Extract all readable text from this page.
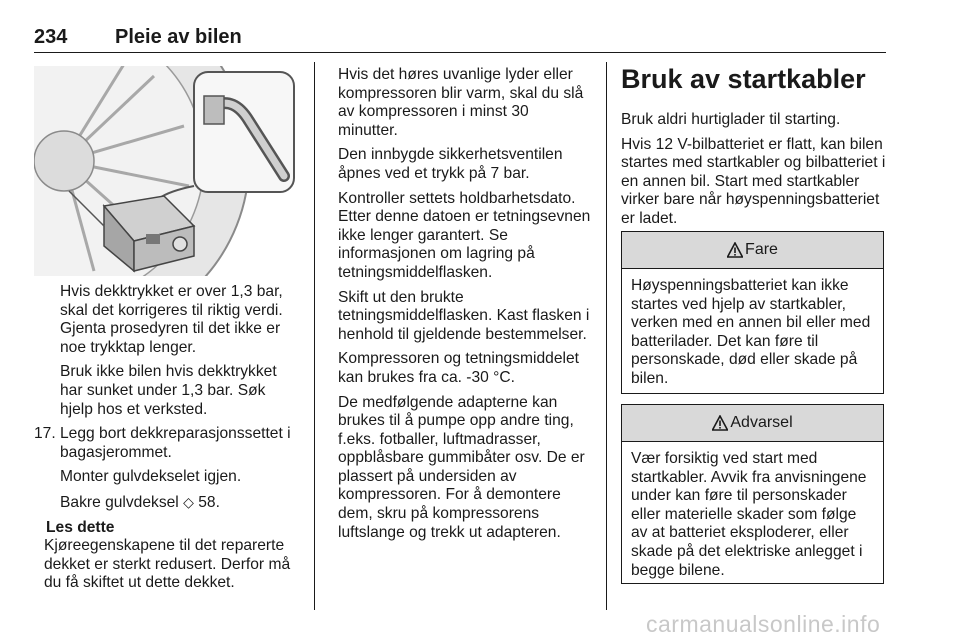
234 Pleie av bilen

Hvis dekktrykket er over 1,3 bar, skal det korrigeres til riktig verdi. Gjenta prosedyren til det ikke er noe trykktap lenger.

Bruk ikke bilen hvis dekktrykket har sunket under 1,3 bar. Søk hjelp hos et verksted.

17. Legg bort dekkreparasjonssettet i bagasjerommet.

Monter gulvdekselet igjen.

Bakre gulvdeksel ◇ 58.

Les dette
Kjøreegenskapene til det reparerte dekket er sterkt redusert. Derfor må du få skiftet ut dette dekket.

Hvis det høres uvanlige lyder eller kompressoren blir varm, skal du slå av kompressoren i minst 30 minutter.

Den innbygde sikkerhetsventilen åpnes ved et trykk på 7 bar.

Kontroller settets holdbarhetsdato. Etter denne datoen er tetningsevnen ikke lenger garantert. Se informasjonen om lagring på tetningsmiddelflasken.

Skift ut den brukte tetningsmiddelflasken. Kast flasken i henhold til gjeldende bestemmelser.

Kompressoren og tetningsmiddelet kan brukes fra ca. -30 °C.

De medfølgende adapterne kan brukes til å pumpe opp andre ting, f.eks. fotballer, luftmadrasser, oppblåsbare gummibåter osv. De er plassert på undersiden av kompressoren. For å demontere dem, skru på kompressorens luftslange og trekk ut adapteren.

Bruk av startkabler

Bruk aldri hurtiglader til starting.

Hvis 12 V-bilbatteriet er flatt, kan bilen startes med startkabler og bilbatteriet i en annen bil. Start med startkabler virker bare når høyspenningsbatteriet er ladet.

Fare
Høyspenningsbatteriet kan ikke startes ved hjelp av startkabler, verken med en annen bil eller med batterilader. Det kan føre til personskade, død eller skade på bilen.
Advarsel
Vær forsiktig ved start med startkabler. Avvik fra anvisningene under kan føre til personskader eller materielle skader som følge av at batteriet eksploderer, eller skade på det elektriske anlegget i begge bilene.
carmanualsonline.info
